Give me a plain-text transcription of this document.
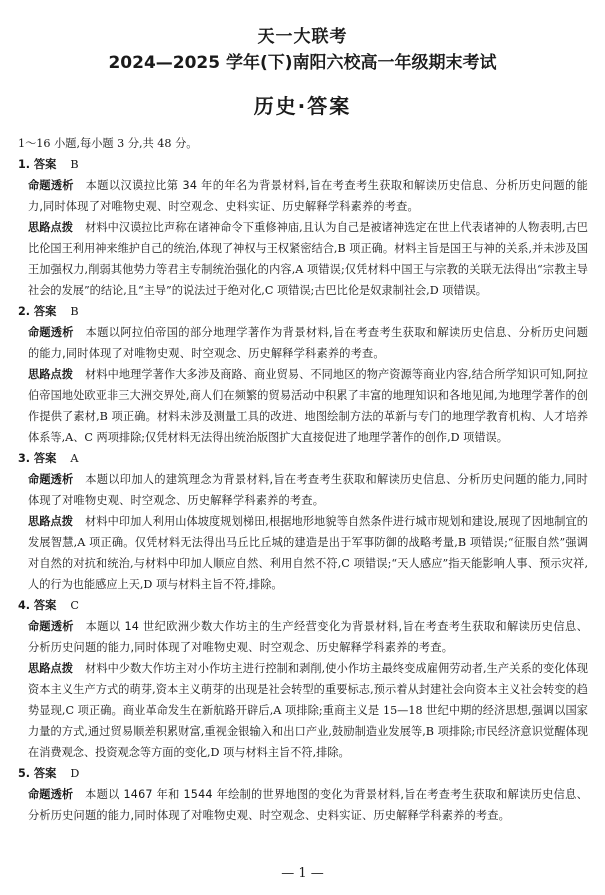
天一大联考
2024—2025 学年(下)南阳六校高一年级期末考试
历史·答案

1～16 小题,每小题 3 分,共 48 分。

1. 答案 B

命题透析 本题以汉谟拉比第 34 年的年名为背景材料,旨在考查考生获取和解读历史信息、分析历史问题的能力,同时体现了对唯物史观、时空观念、史料实证、历史解释学科素养的考查。

思路点拨 材料中汉谟拉比声称在诸神命令下重修神庙,且认为自己是被诸神选定在世上代表诸神的人物表明,古巴比伦国王利用神来维护自己的统治,体现了神权与王权紧密结合,B 项正确。材料主旨是国王与神的关系,并未涉及国王加强权力,削弱其他势力等君主专制统治强化的内容,A 项错误;仅凭材料中国王与宗教的关联无法得出“宗教主导社会的发展”的结论,且“主导”的说法过于绝对化,C 项错误;古巴比伦是奴隶制社会,D 项错误。

2. 答案 B

命题透析 本题以阿拉伯帝国的部分地理学著作为背景材料,旨在考查考生获取和解读历史信息、分析历史问题的能力,同时体现了对唯物史观、时空观念、历史解释学科素养的考查。

思路点拨 材料中地理学著作大多涉及商路、商业贸易、不同地区的物产资源等商业内容,结合所学知识可知,阿拉伯帝国地处欧亚非三大洲交界处,商人们在频繁的贸易活动中积累了丰富的地理知识和各地见闻,为地理学著作的创作提供了素材,B 项正确。材料未涉及测量工具的改进、地图绘制方法的革新与专门的地理学教育机构、人才培养体系等,A、C 两项排除;仅凭材料无法得出统治版图扩大直接促进了地理学著作的创作,D 项错误。

3. 答案 A

命题透析 本题以印加人的建筑理念为背景材料,旨在考查考生获取和解读历史信息、分析历史问题的能力,同时体现了对唯物史观、时空观念、历史解释学科素养的考查。

思路点拨 材料中印加人利用山体坡度规划梯田,根据地形地貌等自然条件进行城市规划和建设,展现了因地制宜的发展智慧,A 项正确。仅凭材料无法得出马丘比丘城的建造是出于军事防御的战略考量,B 项错误;“征服自然”强调对自然的对抗和统治,与材料中印加人顺应自然、利用自然不符,C 项错误;“天人感应”指天能影响人事、预示灾祥,人的行为也能感应上天,D 项与材料主旨不符,排除。

4. 答案 C

命题透析 本题以 14 世纪欧洲少数大作坊主的生产经营变化为背景材料,旨在考查考生获取和解读历史信息、分析历史问题的能力,同时体现了对唯物史观、时空观念、历史解释学科素养的考查。

思路点拨 材料中少数大作坊主对小作坊主进行控制和剥削,使小作坊主最终变成雇佣劳动者,生产关系的变化体现资本主义生产方式的萌芽,资本主义萌芽的出现是社会转型的重要标志,预示着从封建社会向资本主义社会转变的趋势显现,C 项正确。商业革命发生在新航路开辟后,A 项排除;重商主义是 15—18 世纪中期的经济思想,强调以国家力量的方式,通过贸易顺差积累财富,重视金银输入和出口产业,鼓励制造业发展等,B 项排除;市民经济意识觉醒体现在消费观念、投资观念等方面的变化,D 项与材料主旨不符,排除。

5. 答案 D

命题透析 本题以 1467 年和 1544 年绘制的世界地图的变化为背景材料,旨在考查考生获取和解读历史信息、分析历史问题的能力,同时体现了对唯物史观、时空观念、史料实证、历史解释学科素养的考查。

— 1 —
